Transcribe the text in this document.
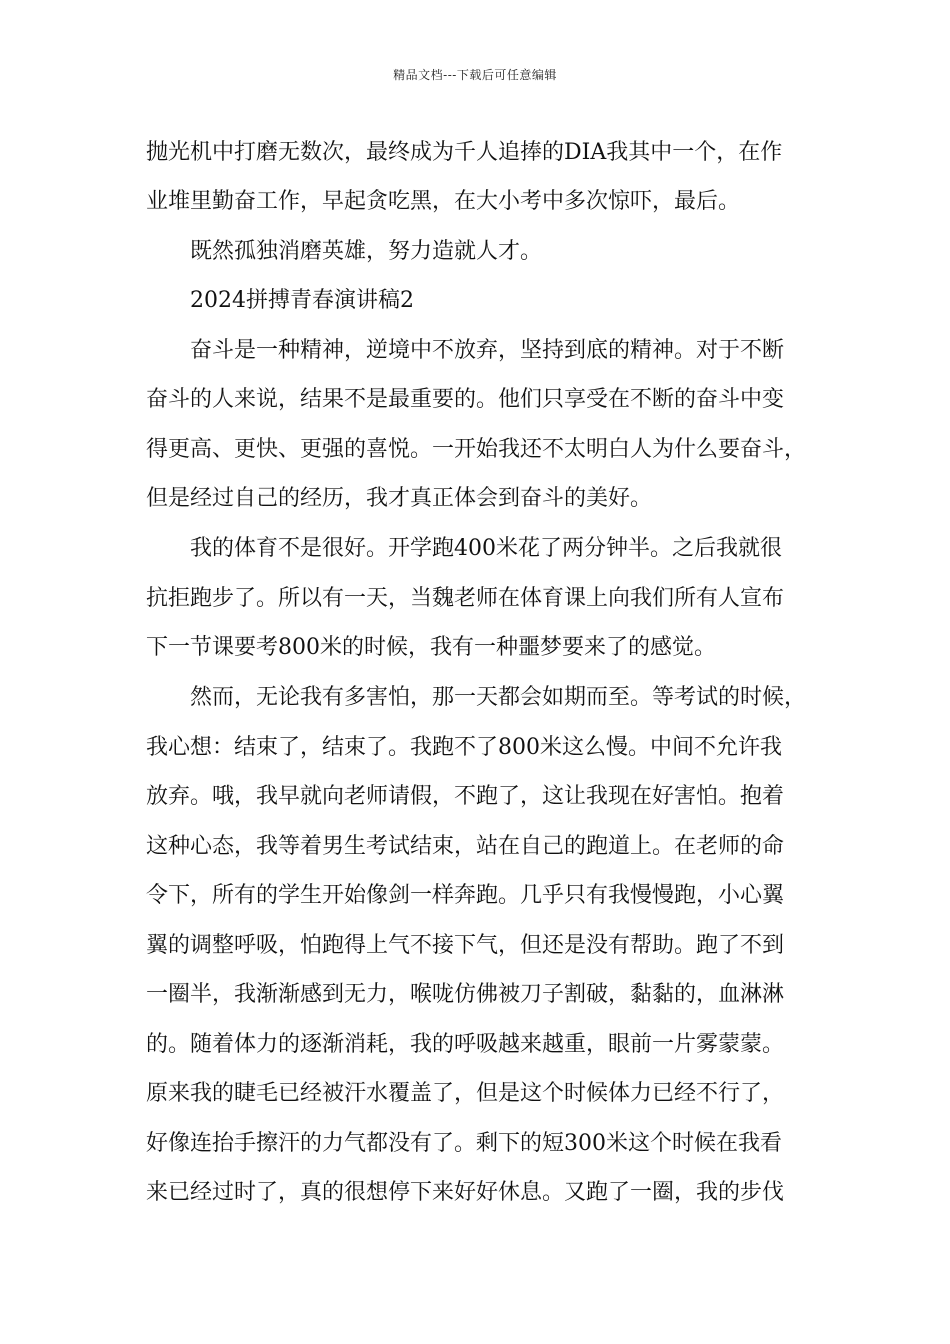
精品文档---下载后可任意编辑
抛光机中打磨无数次，最终成为千人追捧的DIA我其中一个，在作
业堆里勤奋工作，早起贪吃黑，在大小考中多次惊吓，最后。
既然孤独消磨英雄，努力造就人才。
2024拼搏青春演讲稿2
奋斗是一种精神，逆境中不放弃，坚持到底的精神。对于不断
奋斗的人来说，结果不是最重要的。他们只享受在不断的奋斗中变
得更高、更快、更强的喜悦。一开始我还不太明白人为什么要奋斗，
但是经过自己的经历，我才真正体会到奋斗的美好。
我的体育不是很好。开学跑400米花了两分钟半。之后我就很
抗拒跑步了。所以有一天，当魏老师在体育课上向我们所有人宣布
下一节课要考800米的时候，我有一种噩梦要来了的感觉。
然而，无论我有多害怕，那一天都会如期而至。等考试的时候，
我心想：结束了，结束了。我跑不了800米这么慢。中间不允许我
放弃。哦，我早就向老师请假，不跑了，这让我现在好害怕。抱着
这种心态，我等着男生考试结束，站在自己的跑道上。在老师的命
令下，所有的学生开始像剑一样奔跑。几乎只有我慢慢跑，小心翼
翼的调整呼吸，怕跑得上气不接下气，但还是没有帮助。跑了不到
一圈半，我渐渐感到无力，喉咙仿佛被刀子割破，黏黏的，血淋淋
的。随着体力的逐渐消耗，我的呼吸越来越重，眼前一片雾蒙蒙。
原来我的睫毛已经被汗水覆盖了，但是这个时候体力已经不行了，
好像连抬手擦汗的力气都没有了。剩下的短300米这个时候在我看
来已经过时了，真的很想停下来好好休息。又跑了一圈，我的步伐
